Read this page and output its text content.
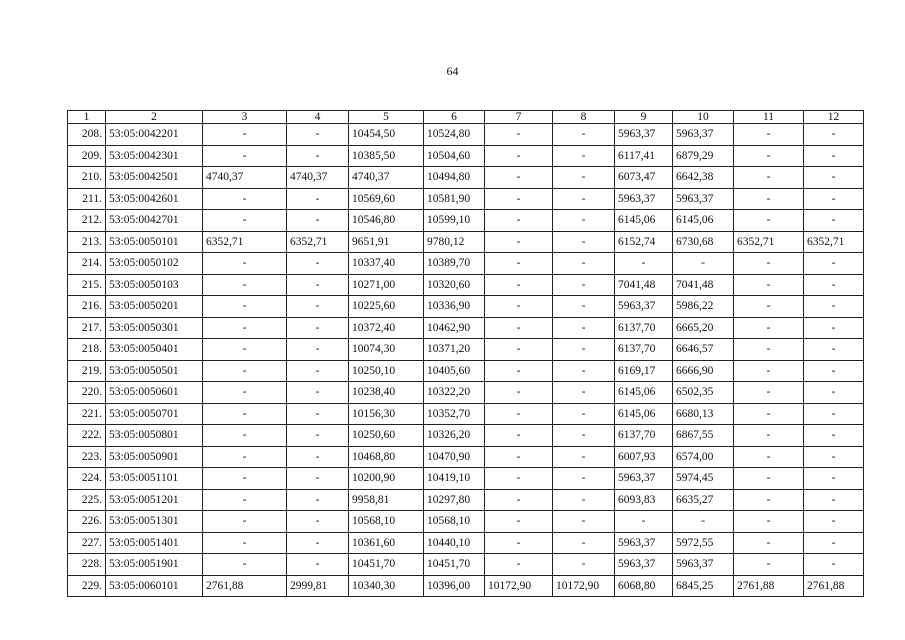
64
1	2	3	4	5	6	7	8	9	10	11	12
208.	53:05:0042201	-	-	10454,50	10524,80	-	-	5963,37	5963,37	-	-
209.	53:05:0042301	-	-	10385,50	10504,60	-	-	6117,41	6879,29	-	-
210.	53:05:0042501	4740,37	4740,37	4740,37	10494,80	-	-	6073,47	6642,38	-	-
211.	53:05:0042601	-	-	10569,60	10581,90	-	-	5963,37	5963,37	-	-
212.	53:05:0042701	-	-	10546,80	10599,10	-	-	6145,06	6145,06	-	-
213.	53:05:0050101	6352,71	6352,71	9651,91	9780,12	-	-	6152,74	6730,68	6352,71	6352,71
214.	53:05:0050102	-	-	10337,40	10389,70	-	-	-	-	-	-
215.	53:05:0050103	-	-	10271,00	10320,60	-	-	7041,48	7041,48	-	-
216.	53:05:0050201	-	-	10225,60	10336,90	-	-	5963,37	5986,22	-	-
217.	53:05:0050301	-	-	10372,40	10462,90	-	-	6137,70	6665,20	-	-
218.	53:05:0050401	-	-	10074,30	10371,20	-	-	6137,70	6646,57	-	-
219.	53:05:0050501	-	-	10250,10	10405,60	-	-	6169,17	6666,90	-	-
220.	53:05:0050601	-	-	10238,40	10322,20	-	-	6145,06	6502,35	-	-
221.	53:05:0050701	-	-	10156,30	10352,70	-	-	6145,06	6680,13	-	-
222.	53:05:0050801	-	-	10250,60	10326,20	-	-	6137,70	6867,55	-	-
223.	53:05:0050901	-	-	10468,80	10470,90	-	-	6007,93	6574,00	-	-
224.	53:05:0051101	-	-	10200,90	10419,10	-	-	5963,37	5974,45	-	-
225.	53:05:0051201	-	-	9958,81	10297,80	-	-	6093,83	6635,27	-	-
226.	53:05:0051301	-	-	10568,10	10568,10	-	-	-	-	-	-
227.	53:05:0051401	-	-	10361,60	10440,10	-	-	5963,37	5972,55	-	-
228.	53:05:0051901	-	-	10451,70	10451,70	-	-	5963,37	5963,37	-	-
229.	53:05:0060101	2761,88	2999,81	10340,30	10396,00	10172,90	10172,90	6068,80	6845,25	2761,88	2761,88
